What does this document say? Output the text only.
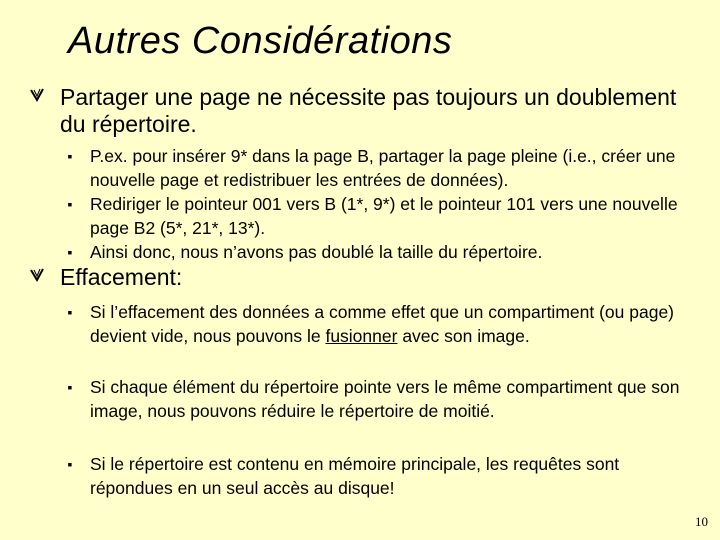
Autres Considérations
Partager une page ne nécessite pas toujours un doublement du répertoire.
▪	P.ex. pour insérer 9* dans la page B, partager la page pleine (i.e., créer une nouvelle page et redistribuer les entrées de données).
▪	Rediriger le pointeur 001 vers B (1*, 9*) et le pointeur 101 vers une nouvelle page B2 (5*, 21*, 13*).
▪	Ainsi donc, nous n’avons pas doublé la taille du répertoire.
Effacement:
▪	Si l’effacement des données a comme effet que un compartiment (ou page) devient vide, nous pouvons le fusionner avec son image.
▪	Si chaque élément du répertoire pointe vers le même compartiment que son image, nous pouvons réduire le répertoire de moitié.
▪	Si le répertoire est contenu en mémoire principale, les requêtes sont répondues en un seul accès au disque!
10
